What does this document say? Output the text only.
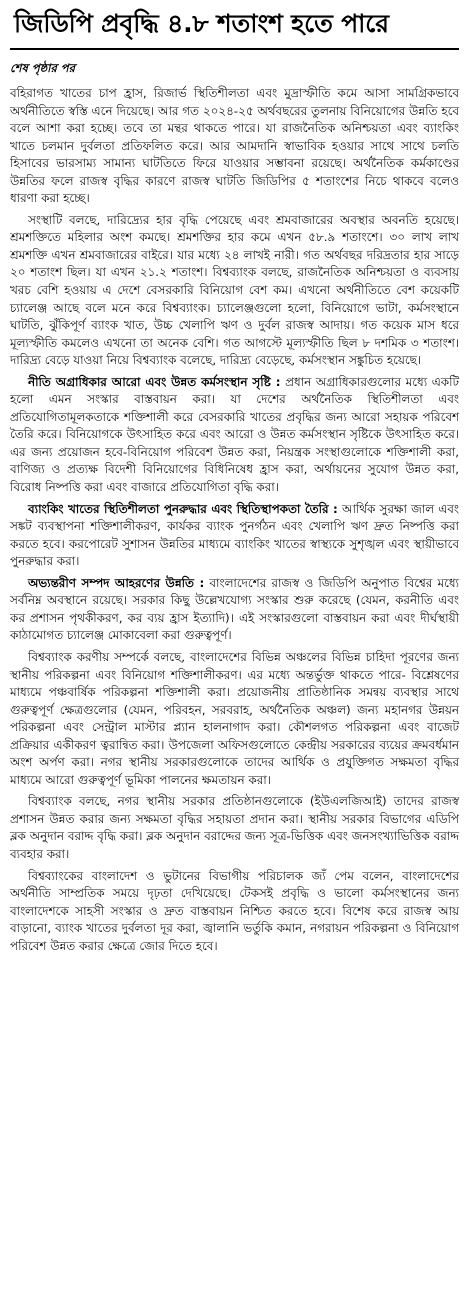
জিডিপি প্রবৃদ্ধি ৪.৮ শতাংশ হতে পারে
শেষ পৃষ্ঠার পর

বহিরাগত খাতের চাপ হ্রাস, রিজার্ভ স্থিতিশীলতা এবং মুদ্রাস্ফীতি কমে আসা সামগ্রিকভাবে অর্থনীতিতে স্বস্তি এনে দিয়েছে। আর গত ২০২৪-২৫ অর্থবছরের তুলনায় বিনিয়োগের উন্নতি হবে বলে আশা করা হচ্ছে। তবে তা মন্থর থাকতে পারে। যা রাজনৈতিক অনিশ্চয়তা এবং ব্যাংকিং খাতে চলমান দুর্বলতা প্রতিফলিত করে। আর আমদানি স্বাভাবিক হওয়ার সাথে সাথে চলতি হিসাবের ভারসাম্য সামান্য ঘাটতিতে ফিরে যাওয়ার সম্ভাবনা রয়েছে। অর্থনৈতিক কর্মকাণ্ডের উন্নতির ফলে রাজস্ব বৃদ্ধির কারণে রাজস্ব ঘাটতি জিডিপির ৫ শতাংশের নিচে থাকবে বলেও ধারণা করা হচ্ছে।

সংস্থাটি বলছে, দারিদ্র্যের হার বৃদ্ধি পেয়েছে এবং শ্রমবাজারের অবস্থার অবনতি হয়েছে। শ্রমশক্তিতে মহিলার অংশ কমছে। শ্রমশক্তির হার কমে এখন ৫৮.৯ শতাংশে। ৩০ লাখ লাখ শ্রমশক্তি এখন শ্রমবাজারের বাইরে। যার মধ্যে ২৪ লাখই নারী। গত অর্থবছর দরিদ্রতার হার সাড়ে ২০ শতাংশ ছিল। যা এখন ২১.২ শতাংশ। বিশ্বব্যাংক বলছে, রাজনৈতিক অনিশ্চয়তা ও ব্যবসায় খরচ বেশি হওয়ায় এ দেশে বেসরকারি বিনিয়োগ বেশ কম। এখনো অর্থনীতিতে বেশ কয়েকটি চ্যালেঞ্জ আছে বলে মনে করে বিশ্বব্যাংক। চ্যালেঞ্জগুলো হলো, বিনিয়োগে ভাটা, কর্মসংস্থানে ঘাটতি, ঝুঁকিপূর্ণ ব্যাংক খাত, উচ্চ খেলাপি ঋণ ও দুর্বল রাজস্ব আদায়। গত কয়েক মাস ধরে মূল্যস্ফীতি কমলেও এখনো তা অনেক বেশি। গত আগস্টে মূল্যস্ফীতি ছিল ৮ দশমিক ৩ শতাংশ। দারিদ্র্য বেড়ে যাওয়া নিয়ে বিশ্বব্যাংক বলেছে, দারিদ্র্য বেড়েছে, কর্মসংস্থান সঙ্কুচিত হয়েছে।

নীতি অগ্রাধিকার আরো এবং উন্নত কর্মসংস্থান সৃষ্টি : প্রধান অগ্রাধিকারগুলোর মধ্যে একটি হলো এমন সংস্কার বাস্তবায়ন করা। যা দেশের অর্থনৈতিক স্থিতিশীলতা এবং প্রতিযোগিতামূলকতাকে শক্তিশালী করে বেসরকারি খাতের প্রবৃদ্ধির জন্য আরো সহায়ক পরিবেশ তৈরি করে। বিনিয়োগকে উৎসাহিত করে এবং আরো ও উন্নত কর্মসংস্থান সৃষ্টিকে উৎসাহিত করে। এর জন্য প্রয়োজন হবে-বিনিয়োগ পরিবেশ উন্নত করা, নিয়ন্ত্রক সংস্থাগুলোকে শক্তিশালী করা, বাণিজ্য ও প্রত্যক্ষ বিদেশী বিনিয়োগের বিধিনিষেধ হ্রাস করা, অর্থায়নের সুযোগ উন্নত করা, বিরোধ নিষ্পত্তি করা এবং বাজারে প্রতিযোগিতা বৃদ্ধি করা।

ব্যাংকিং খাতের স্থিতিশীলতা পুনরুদ্ধার এবং স্থিতিস্থাপকতা তৈরি : আর্থিক সুরক্ষা জাল এবং সঙ্কট ব্যবস্থাপনা শক্তিশালীকরণ, কার্যকর ব্যাংক পুনর্গঠন এবং খেলাপি ঋণ দ্রুত নিষ্পত্তি করা করতে হবে। করপোরেট সুশাসন উন্নতির মাধ্যমে ব্যাংকিং খাতের স্বাস্থ্যকে সুশৃঙ্খল এবং স্থায়ীভাবে পুনরুদ্ধার করা।

অভ্যন্তরীণ সম্পদ আহরণের উন্নতি : বাংলাদেশের রাজস্ব ও জিডিপি অনুপাত বিশ্বের মধ্যে সর্বনিম্ন অবস্থানে রয়েছে। সরকার কিছু উল্লেখযোগ্য সংস্কার শুরু করেছে (যেমন, করনীতি এবং কর প্রশাসন পৃথকীকরণ, কর ব্যয় হ্রাস ইত্যাদি)। এই সংস্কারগুলো বাস্তবায়ন করা এবং দীর্ঘস্থায়ী কাঠামোগত চ্যালেঞ্জ মোকাবেলা করা গুরুত্বপূর্ণ।

বিশ্বব্যাংক করণীয় সম্পর্কে বলছে, বাংলাদেশের বিভিন্ন অঞ্চলের বিভিন্ন চাহিদা পূরণের জন্য স্থানীয় পরিকল্পনা এবং বিনিয়োগ শক্তিশালীকরণ। এর মধ্যে অন্তর্ভুক্ত থাকতে পারে- বিশ্লেষণের মাধ্যমে পঞ্চবার্ষিক পরিকল্পনা শক্তিশালী করা। প্রয়োজনীয় প্রাতিষ্ঠানিক সমন্বয় ব্যবস্থার সাথে গুরুত্বপূর্ণ ক্ষেত্রগুলোর (যেমন, পরিবহন, সরবরাহ, অর্থনৈতিক অঞ্চল) জন্য মহানগর উন্নয়ন পরিকল্পনা এবং সেন্ট্রাল মাস্টার প্ল্যান হালনাগাদ করা। কৌশলগত পরিকল্পনা এবং বাজেট প্রক্রিয়ার একীকরণ ত্বরান্বিত করা। উপজেলা অফিসগুলোতে কেন্দ্রীয় সরকারের ব্যয়ের ক্রমবর্ধমান অংশ অর্পণ করা। নগর স্থানীয় সরকারগুলোকে তাদের আর্থিক ও প্রযুক্তিগত সক্ষমতা বৃদ্ধির মাধ্যমে আরো গুরুত্বপূর্ণ ভূমিকা পালনের ক্ষমতায়ন করা।

বিশ্বব্যাংক বলছে, নগর স্থানীয় সরকার প্রতিষ্ঠানগুলোকে (ইউএলজিআই) তাদের রাজস্ব প্রশাসন উন্নত করার জন্য সক্ষমতা বৃদ্ধির সহায়তা প্রদান করা। স্থানীয় সরকার বিভাগের এডিপি ব্লক অনুদান বরাদ্দ বৃদ্ধি করা। ব্লক অনুদান বরাদ্দের জন্য সূত্র-ভিত্তিক এবং জনসংখ্যাভিত্তিক বরাদ্দ ব্যবহার করা।

বিশ্বব্যাংকের বাংলাদেশ ও ভুটানের বিভাগীয় পরিচালক জ্যঁ পেম বলেন, বাংলাদেশের অর্থনীতি সাম্প্রতিক সময়ে দৃঢ়তা দেখিয়েছে। টেকসই প্রবৃদ্ধি ও ভালো কর্মসংস্থানের জন্য বাংলাদেশকে সাহসী সংস্কার ও দ্রুত বাস্তবায়ন নিশ্চিত করতে হবে। বিশেষ করে রাজস্ব আয় বাড়ানো, ব্যাংক খাতের দুর্বলতা দূর করা, জ্বালানি ভর্তুকি কমান, নগরায়ন পরিকল্পনা ও বিনিয়োগ পরিবেশ উন্নত করার ক্ষেত্রে জোর দিতে হবে।
